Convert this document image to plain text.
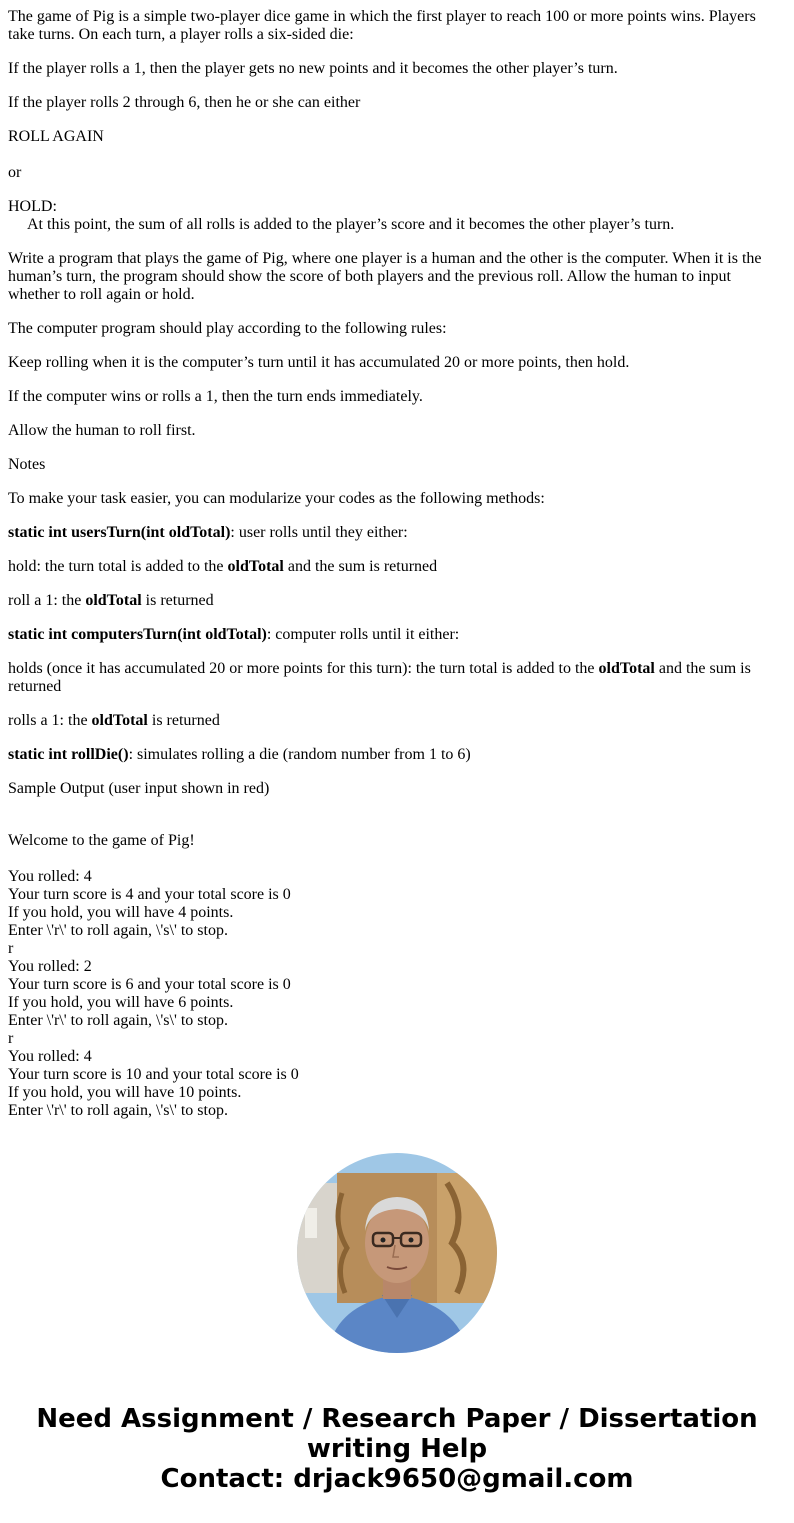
The game of Pig is a simple two-player dice game in which the first player to reach 100 or more points wins. Players take turns. On each turn, a player rolls a six-sided die:

If the player rolls a 1, then the player gets no new points and it becomes the other player’s turn.

If the player rolls 2 through 6, then he or she can either

ROLL AGAIN

or

HOLD:

At this point, the sum of all rolls is added to the player’s score and it becomes the other player’s turn.

Write a program that plays the game of Pig, where one player is a human and the other is the computer. When it is the human’s turn, the program should show the score of both players and the previous roll. Allow the human to input whether to roll again or hold.

The computer program should play according to the following rules:

Keep rolling when it is the computer’s turn until it has accumulated 20 or more points, then hold.

If the computer wins or rolls a 1, then the turn ends immediately.

Allow the human to roll first.

Notes

To make your task easier, you can modularize your codes as the following methods:

static int usersTurn(int oldTotal): user rolls until they either:

hold: the turn total is added to the oldTotal and the sum is returned

roll a 1: the oldTotal is returned

static int computersTurn(int oldTotal): computer rolls until it either:

holds (once it has accumulated 20 or more points for this turn): the turn total is added to the oldTotal and the sum is returned

rolls a 1: the oldTotal is returned

static int rollDie(): simulates rolling a die (random number from 1 to 6)

Sample Output (user input shown in red)

Welcome to the game of Pig!

You rolled: 4
Your turn score is 4 and your total score is 0
If you hold, you will have 4 points.
Enter \'r\' to roll again, \'s\' to stop.
r
You rolled: 2
Your turn score is 6 and your total score is 0
If you hold, you will have 6 points.
Enter \'r\' to roll again, \'s\' to stop.
r
You rolled: 4
Your turn score is 10 and your total score is 0
If you hold, you will have 10 points.
Enter \'r\' to roll again, \'s\' to stop.
Need Assignment / Research Paper / Dissertation
writing Help
Contact: drjack9650@gmail.com
